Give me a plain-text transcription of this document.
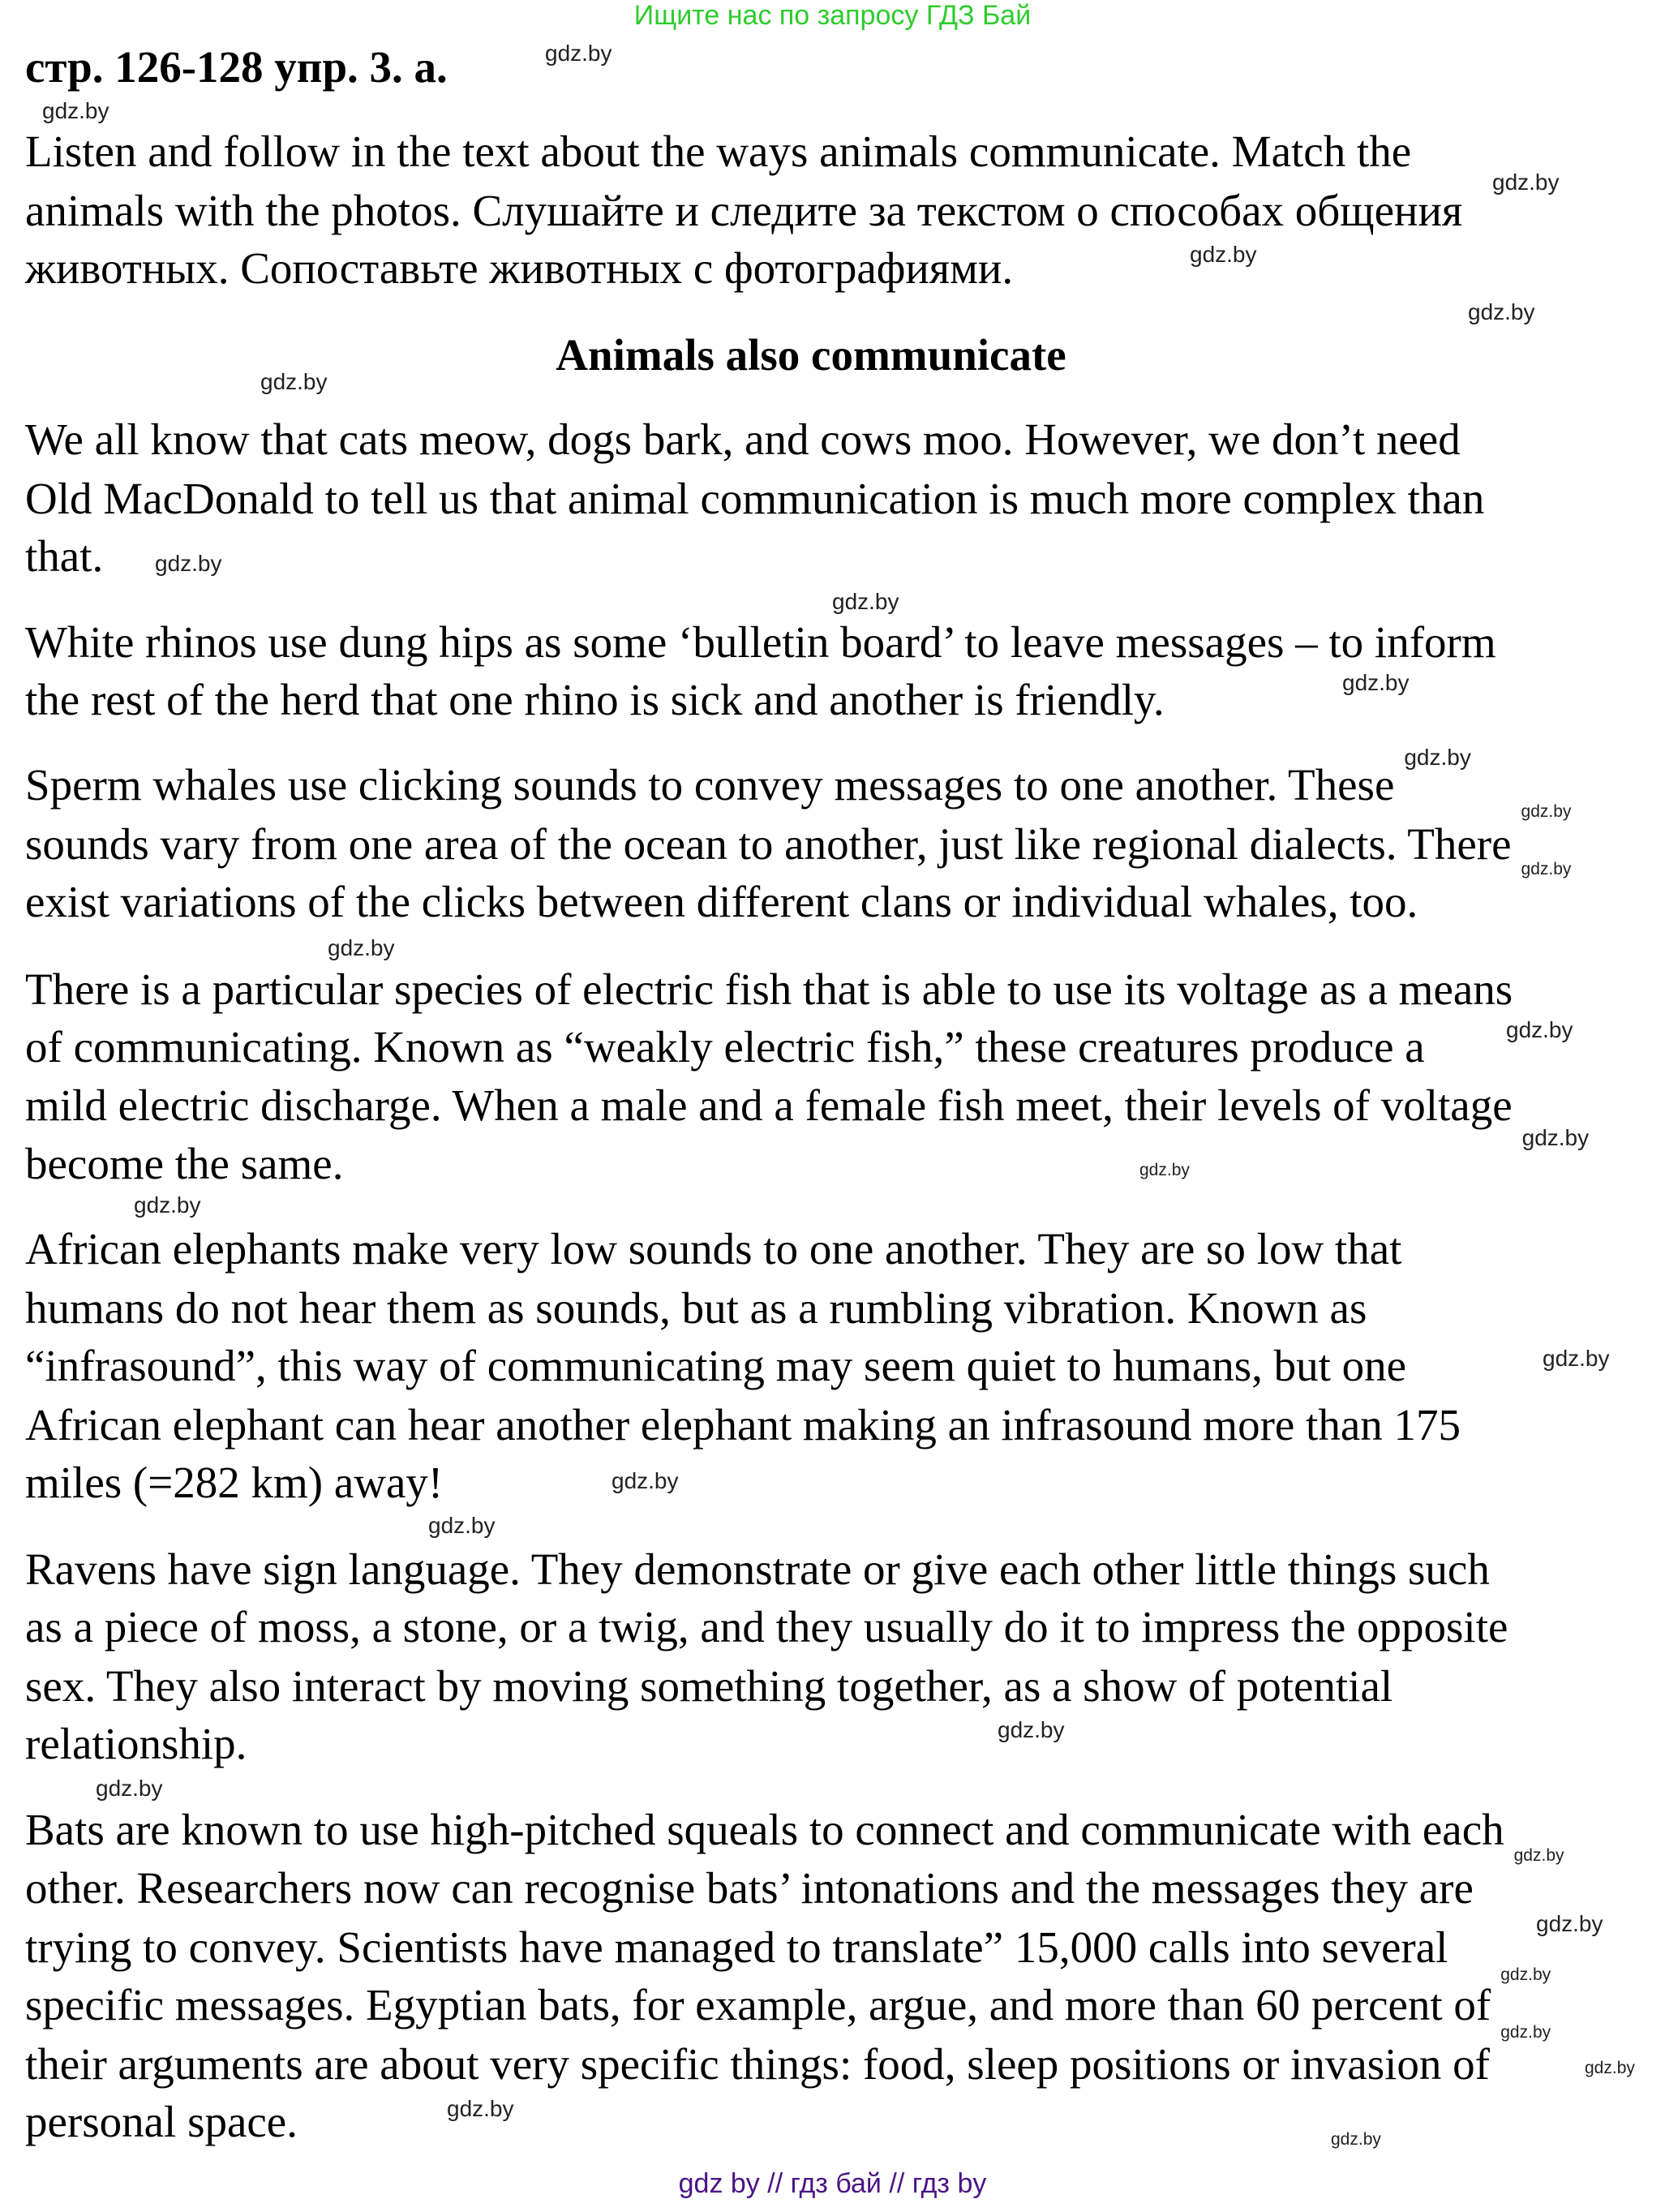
Ищите нас по запросу ГДЗ Бай
стр. 126-128 упр. 3. а.
Listen and follow in the text about the ways animals communicate. Match the
animals with the photos. Слушайте и следите за текстом о способах общения
животных. Сопоставьте животных с фотографиями.
Animals also communicate
We all know that cats meow, dogs bark, and cows moo. However, we don’t need
Old MacDonald to tell us that animal communication is much more complex than
that.
White rhinos use dung hips as some ‘bulletin board’ to leave messages – to inform
the rest of the herd that one rhino is sick and another is friendly.
Sperm whales use clicking sounds to convey messages to one another. These
sounds vary from one area of the ocean to another, just like regional dialects. There
exist variations of the clicks between different clans or individual whales, too.
There is a particular species of electric fish that is able to use its voltage as a means
of communicating. Known as “weakly electric fish,” these creatures produce a
mild electric discharge. When a male and a female fish meet, their levels of voltage
become the same.
African elephants make very low sounds to one another. They are so low that
humans do not hear them as sounds, but as a rumbling vibration. Known as
“infrasound”, this way of communicating may seem quiet to humans, but one
African elephant can hear another elephant making an infrasound more than 175
miles (=282 km) away!
Ravens have sign language. They demonstrate or give each other little things such
as a piece of moss, a stone, or a twig, and they usually do it to impress the opposite
sex. They also interact by moving something together, as a show of potential
relationship.
Bats are known to use high-pitched squeals to connect and communicate with each
other. Researchers now can recognise bats’ intonations and the messages they are
trying to convey. Scientists have managed to translate” 15,000 calls into several
specific messages. Egyptian bats, for example, argue, and more than 60 percent of
their arguments are about very specific things: food, sleep positions or invasion of
personal space.
gdz.by
gdz.by
gdz.by
gdz.by
gdz.by
gdz.by
gdz.by
gdz.by
gdz.by
gdz.by
gdz.by
gdz.by
gdz.by
gdz.by
gdz.by
gdz.by
gdz.by
gdz.by
gdz.by
gdz.by
gdz.by
gdz.by
gdz.by
gdz.by
gdz.by
gdz.by
gdz.by
gdz.by
gdz.by
gdz by // гдз бай // гдз by
